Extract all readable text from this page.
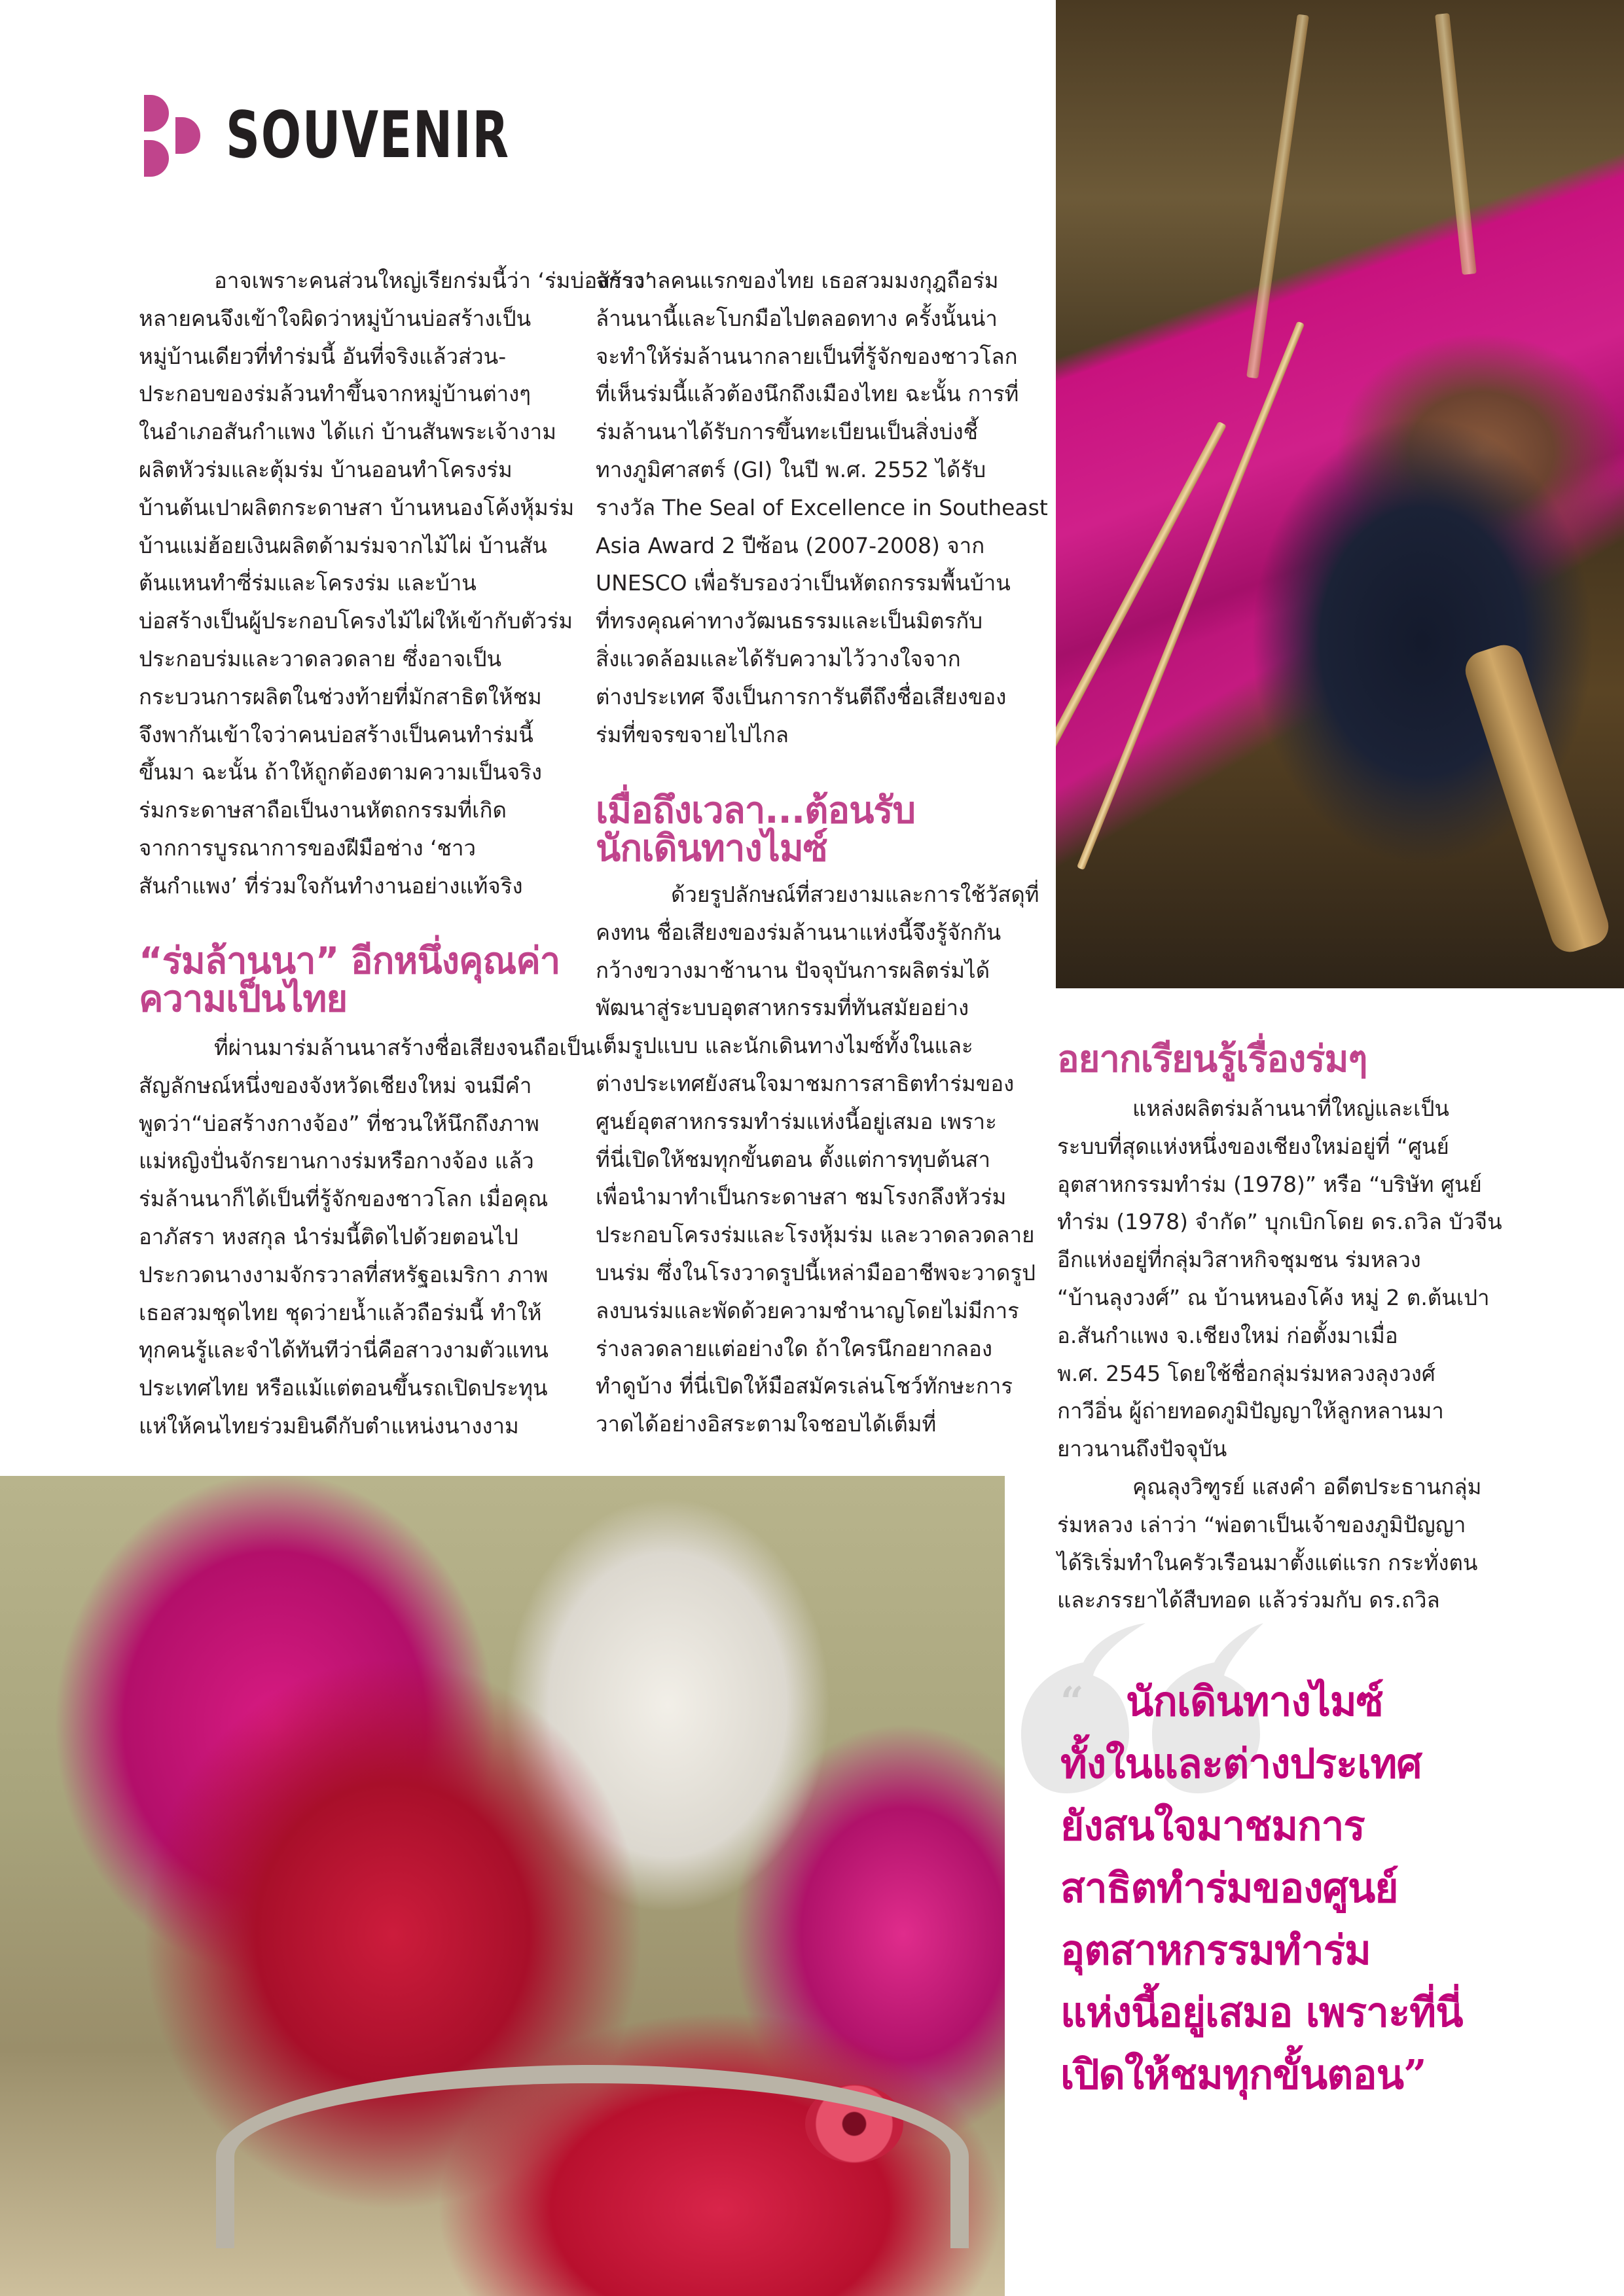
SOUVENIR
อาจเพราะคนส่วนใหญ่เรียกร่มนี้ว่า ‘ร่มบ่อสร้าง’
หลายคนจึงเข้าใจผิดว่าหมู่บ้านบ่อสร้างเป็น
หมู่บ้านเดียวที่ทำร่มนี้ อันที่จริงแล้วส่วน-
ประกอบของร่มล้วนทำขึ้นจากหมู่บ้านต่างๆ
ในอำเภอสันกำแพง ได้แก่ บ้านสันพระเจ้างาม
ผลิตหัวร่มและตุ้มร่ม บ้านออนทำโครงร่ม
บ้านต้นเปาผลิตกระดาษสา บ้านหนองโค้งหุ้มร่ม
บ้านแม่ฮ้อยเงินผลิตด้ามร่มจากไม้ไผ่ บ้านสัน
ต้นแหนทำซี่ร่มและโครงร่ม และบ้าน
บ่อสร้างเป็นผู้ประกอบโครงไม้ไผ่ให้เข้ากับตัวร่ม
ประกอบร่มและวาดลวดลาย ซึ่งอาจเป็น
กระบวนการผลิตในช่วงท้ายที่มักสาธิตให้ชม
จึงพากันเข้าใจว่าคนบ่อสร้างเป็นคนทำร่มนี้
ขึ้นมา ฉะนั้น ถ้าให้ถูกต้องตามความเป็นจริง
ร่มกระดาษสาถือเป็นงานหัตถกรรมที่เกิด
จากการบูรณาการของฝีมือช่าง ‘ชาว
สันกำแพง’ ที่ร่วมใจกันทำงานอย่างแท้จริง
“ร่มล้านนา” อีกหนึ่งคุณค่า
ความเป็นไทย
ที่ผ่านมาร่มล้านนาสร้างชื่อเสียงจนถือเป็น
สัญลักษณ์หนึ่งของจังหวัดเชียงใหม่ จนมีคำ
พูดว่า“บ่อสร้างกางจ้อง” ที่ชวนให้นึกถึงภาพ
แม่หญิงปั่นจักรยานกางร่มหรือกางจ้อง แล้ว
ร่มล้านนาก็ได้เป็นที่รู้จักของชาวโลก เมื่อคุณ
อาภัสรา หงสกุล นำร่มนี้ติดไปด้วยตอนไป
ประกวดนางงามจักรวาลที่สหรัฐอเมริกา ภาพ
เธอสวมชุดไทย ชุดว่ายน้ำแล้วถือร่มนี้ ทำให้
ทุกคนรู้และจำได้ทันทีว่านี่คือสาวงามตัวแทน
ประเทศไทย หรือแม้แต่ตอนขึ้นรถเปิดประทุน
แห่ให้คนไทยร่วมยินดีกับตำแหน่งนางงาม
จักรวาลคนแรกของไทย เธอสวมมงกุฎถือร่ม
ล้านนานี้และโบกมือไปตลอดทาง ครั้งนั้นน่า
จะทำให้ร่มล้านนากลายเป็นที่รู้จักของชาวโลก
ที่เห็นร่มนี้แล้วต้องนึกถึงเมืองไทย ฉะนั้น การที่
ร่มล้านนาได้รับการขึ้นทะเบียนเป็นสิ่งบ่งชี้
ทางภูมิศาสตร์ (GI) ในปี พ.ศ. 2552 ได้รับ
รางวัล The Seal of Excellence in Southeast
Asia Award 2 ปีซ้อน (2007-2008) จาก
UNESCO เพื่อรับรองว่าเป็นหัตถกรรมพื้นบ้าน
ที่ทรงคุณค่าทางวัฒนธรรมและเป็นมิตรกับ
สิ่งแวดล้อมและได้รับความไว้วางใจจาก
ต่างประเทศ จึงเป็นการการันตีถึงชื่อเสียงของ
ร่มที่ขจรขจายไปไกล
เมื่อถึงเวลา...ต้อนรับ
นักเดินทางไมซ์
ด้วยรูปลักษณ์ที่สวยงามและการใช้วัสดุที่
คงทน ชื่อเสียงของร่มล้านนาแห่งนี้จึงรู้จักกัน
กว้างขวางมาช้านาน ปัจจุบันการผลิตร่มได้
พัฒนาสู่ระบบอุตสาหกรรมที่ทันสมัยอย่าง
เต็มรูปแบบ และนักเดินทางไมซ์ทั้งในและ
ต่างประเทศยังสนใจมาชมการสาธิตทำร่มของ
ศูนย์อุตสาหกรรมทำร่มแห่งนี้อยู่เสมอ เพราะ
ที่นี่เปิดให้ชมทุกขั้นตอน ตั้งแต่การทุบต้นสา
เพื่อนำมาทำเป็นกระดาษสา ชมโรงกลึงหัวร่ม
ประกอบโครงร่มและโรงหุ้มร่ม และวาดลวดลาย
บนร่ม ซึ่งในโรงวาดรูปนี้เหล่ามืออาชีพจะวาดรูป
ลงบนร่มและพัดด้วยความชำนาญโดยไม่มีการ
ร่างลวดลายแต่อย่างใด ถ้าใครนึกอยากลอง
ทำดูบ้าง ที่นี่เปิดให้มือสมัครเล่นโชว์ทักษะการ
วาดได้อย่างอิสระตามใจชอบได้เต็มที่
อยากเรียนรู้เรื่องร่มๆ
แหล่งผลิตร่มล้านนาที่ใหญ่และเป็น
ระบบที่สุดแห่งหนึ่งของเชียงใหม่อยู่ที่ “ศูนย์
อุตสาหกรรมทำร่ม (1978)” หรือ “บริษัท ศูนย์
ทำร่ม (1978) จำกัด” บุกเบิกโดย ดร.ถวิล บัวจีน
อีกแห่งอยู่ที่กลุ่มวิสาหกิจชุมชน ร่มหลวง
“บ้านลุงวงศ์” ณ บ้านหนองโค้ง หมู่ 2 ต.ต้นเปา
อ.สันกำแพง จ.เชียงใหม่ ก่อตั้งมาเมื่อ
พ.ศ. 2545 โดยใช้ชื่อกลุ่มร่มหลวงลุงวงศ์
กาวีอิ่น ผู้ถ่ายทอดภูมิปัญญาให้ลูกหลานมา
ยาวนานถึงปัจจุบัน
คุณลุงวิฑูรย์ แสงคำ อดีตประธานกลุ่ม
ร่มหลวง เล่าว่า “พ่อตาเป็นเจ้าของภูมิปัญญา
ได้ริเริ่มทำในครัวเรือนมาตั้งแต่แรก กระทั่งตน
และภรรยาได้สืบทอด แล้วร่วมกับ ดร.ถวิล
“ นักเดินทางไมซ์
ทั้งในและต่างประเทศ
ยังสนใจมาชมการ
สาธิตทำร่มของศูนย์
อุตสาหกรรมทำร่ม
แห่งนี้อยู่เสมอ เพราะที่นี่
เปิดให้ชมทุกขั้นตอน”
